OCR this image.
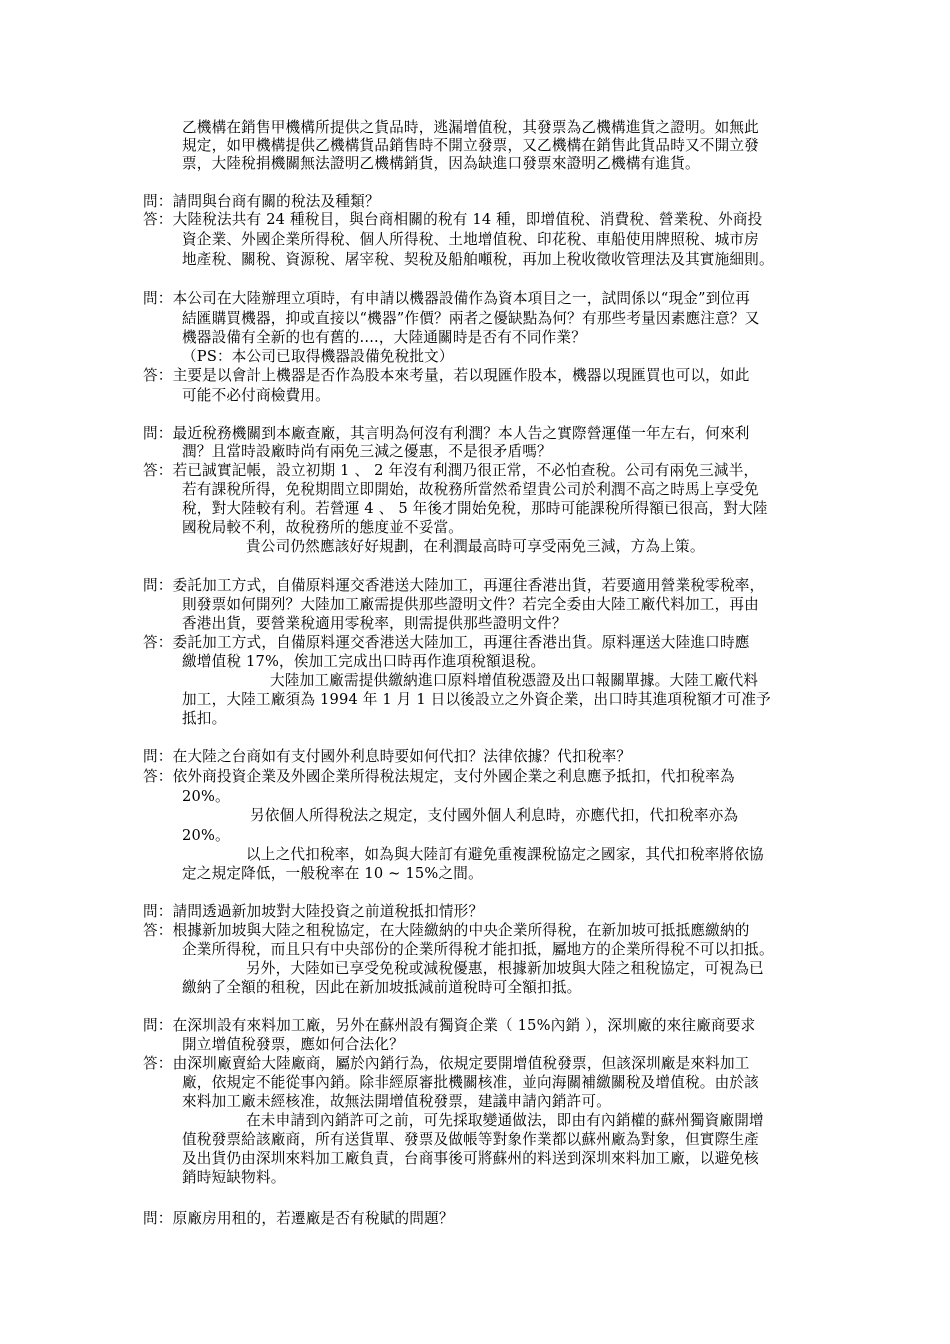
乙機構在銷售甲機構所提供之貨品時，逃漏增值稅，其發票為乙機構進貨之證明。如無此
規定，如甲機構提供乙機構貨品銷售時不開立發票，又乙機構在銷售此貨品時又不開立發
票，大陸稅捐機關無法證明乙機構銷貨，因為缺進口發票來證明乙機構有進貨。
問：請問與台商有關的稅法及種類？
答：大陸稅法共有 24 種稅目，與台商相關的稅有 14 種，即增值稅、消費稅、營業稅、外商投
資企業、外國企業所得稅、個人所得稅、土地增值稅、印花稅、車船使用牌照稅、城市房
地產稅、關稅、資源稅、屠宰稅、契稅及船舶噸稅，再加上稅收徵收管理法及其實施細則。
問：本公司在大陸辦理立項時，有申請以機器設備作為資本項目之一，試問係以“現金”到位再
結匯購買機器，抑或直接以“機器”作價？兩者之優缺點為何？有那些考量因素應注意？又
機器設備有全新的也有舊的....，大陸通關時是否有不同作業？
（PS：本公司已取得機器設備免稅批文）
答：主要是以會計上機器是否作為股本來考量，若以現匯作股本，機器以現匯買也可以，如此
可能不必付商檢費用。
問：最近稅務機關到本廠查廠，其言明為何沒有利潤？本人告之實際營運僅一年左右，何來利
潤？且當時設廠時尚有兩免三減之優惠，不是很矛盾嗎？
答：若已誠實記帳，設立初期 1 、 2 年沒有利潤乃很正常，不必怕查稅。公司有兩免三減半，
若有課稅所得，免稅期間立即開始，故稅務所當然希望貴公司於利潤不高之時馬上享受免
稅，對大陸較有利。若營運 4 、 5 年後才開始免稅，那時可能課稅所得額已很高，對大陸
國稅局較不利，故稅務所的態度並不妥當。
貴公司仍然應該好好規劃，在利潤最高時可享受兩免三減，方為上策。
問：委託加工方式，自備原料運交香港送大陸加工，再運往香港出貨，若要適用營業稅零稅率，
則發票如何開列？大陸加工廠需提供那些證明文件？若完全委由大陸工廠代料加工，再由
香港出貨，要營業稅適用零稅率，則需提供那些證明文件？
答：委託加工方式，自備原料運交香港送大陸加工，再運往香港出貨。原料運送大陸進口時應
繳增值稅 17%，俟加工完成出口時再作進項稅額退稅。
大陸加工廠需提供繳納進口原料增值稅憑證及出口報關單據。大陸工廠代料
加工，大陸工廠須為 1994 年 1 月 1 日以後設立之外資企業，出口時其進項稅額才可准予
抵扣。
問：在大陸之台商如有支付國外利息時要如何代扣？法律依據？代扣稅率？
答：依外商投資企業及外國企業所得稅法規定，支付外國企業之利息應予抵扣，代扣稅率為
20%。
另依個人所得稅法之規定，支付國外個人利息時，亦應代扣，代扣稅率亦為
20%。
以上之代扣稅率，如為與大陸訂有避免重複課稅協定之國家，其代扣稅率將依協
定之規定降低，一般稅率在 10 ~ 15%之間。
問：請問透過新加坡對大陸投資之前道稅抵扣情形？
答：根據新加坡與大陸之租稅協定，在大陸繳納的中央企業所得稅，在新加坡可抵抵應繳納的
企業所得稅，而且只有中央部份的企業所得稅才能扣抵，屬地方的企業所得稅不可以扣抵。
另外，大陸如已享受免稅或減稅優惠，根據新加坡與大陸之租稅協定，可視為已
繳納了全額的租稅，因此在新加坡抵減前道稅時可全額扣抵。
問：在深圳設有來料加工廠，另外在蘇州設有獨資企業（ 15%內銷 ），深圳廠的來往廠商要求
開立增值稅發票，應如何合法化？
答：由深圳廠賣給大陸廠商，屬於內銷行為，依規定要開增值稅發票，但該深圳廠是來料加工
廠，依規定不能從事內銷。除非經原審批機關核准，並向海關補繳關稅及增值稅。由於該
來料加工廠未經核准，故無法開增值稅發票，建議申請內銷許可。
在未申請到內銷許可之前，可先採取變通做法，即由有內銷權的蘇州獨資廠開增
值稅發票給該廠商，所有送貨單、發票及做帳等對象作業都以蘇州廠為對象，但實際生產
及出貨仍由深圳來料加工廠負責，台商事後可將蘇州的料送到深圳來料加工廠，以避免核
銷時短缺物料。
問：原廠房用租的，若遷廠是否有稅賦的問題？
